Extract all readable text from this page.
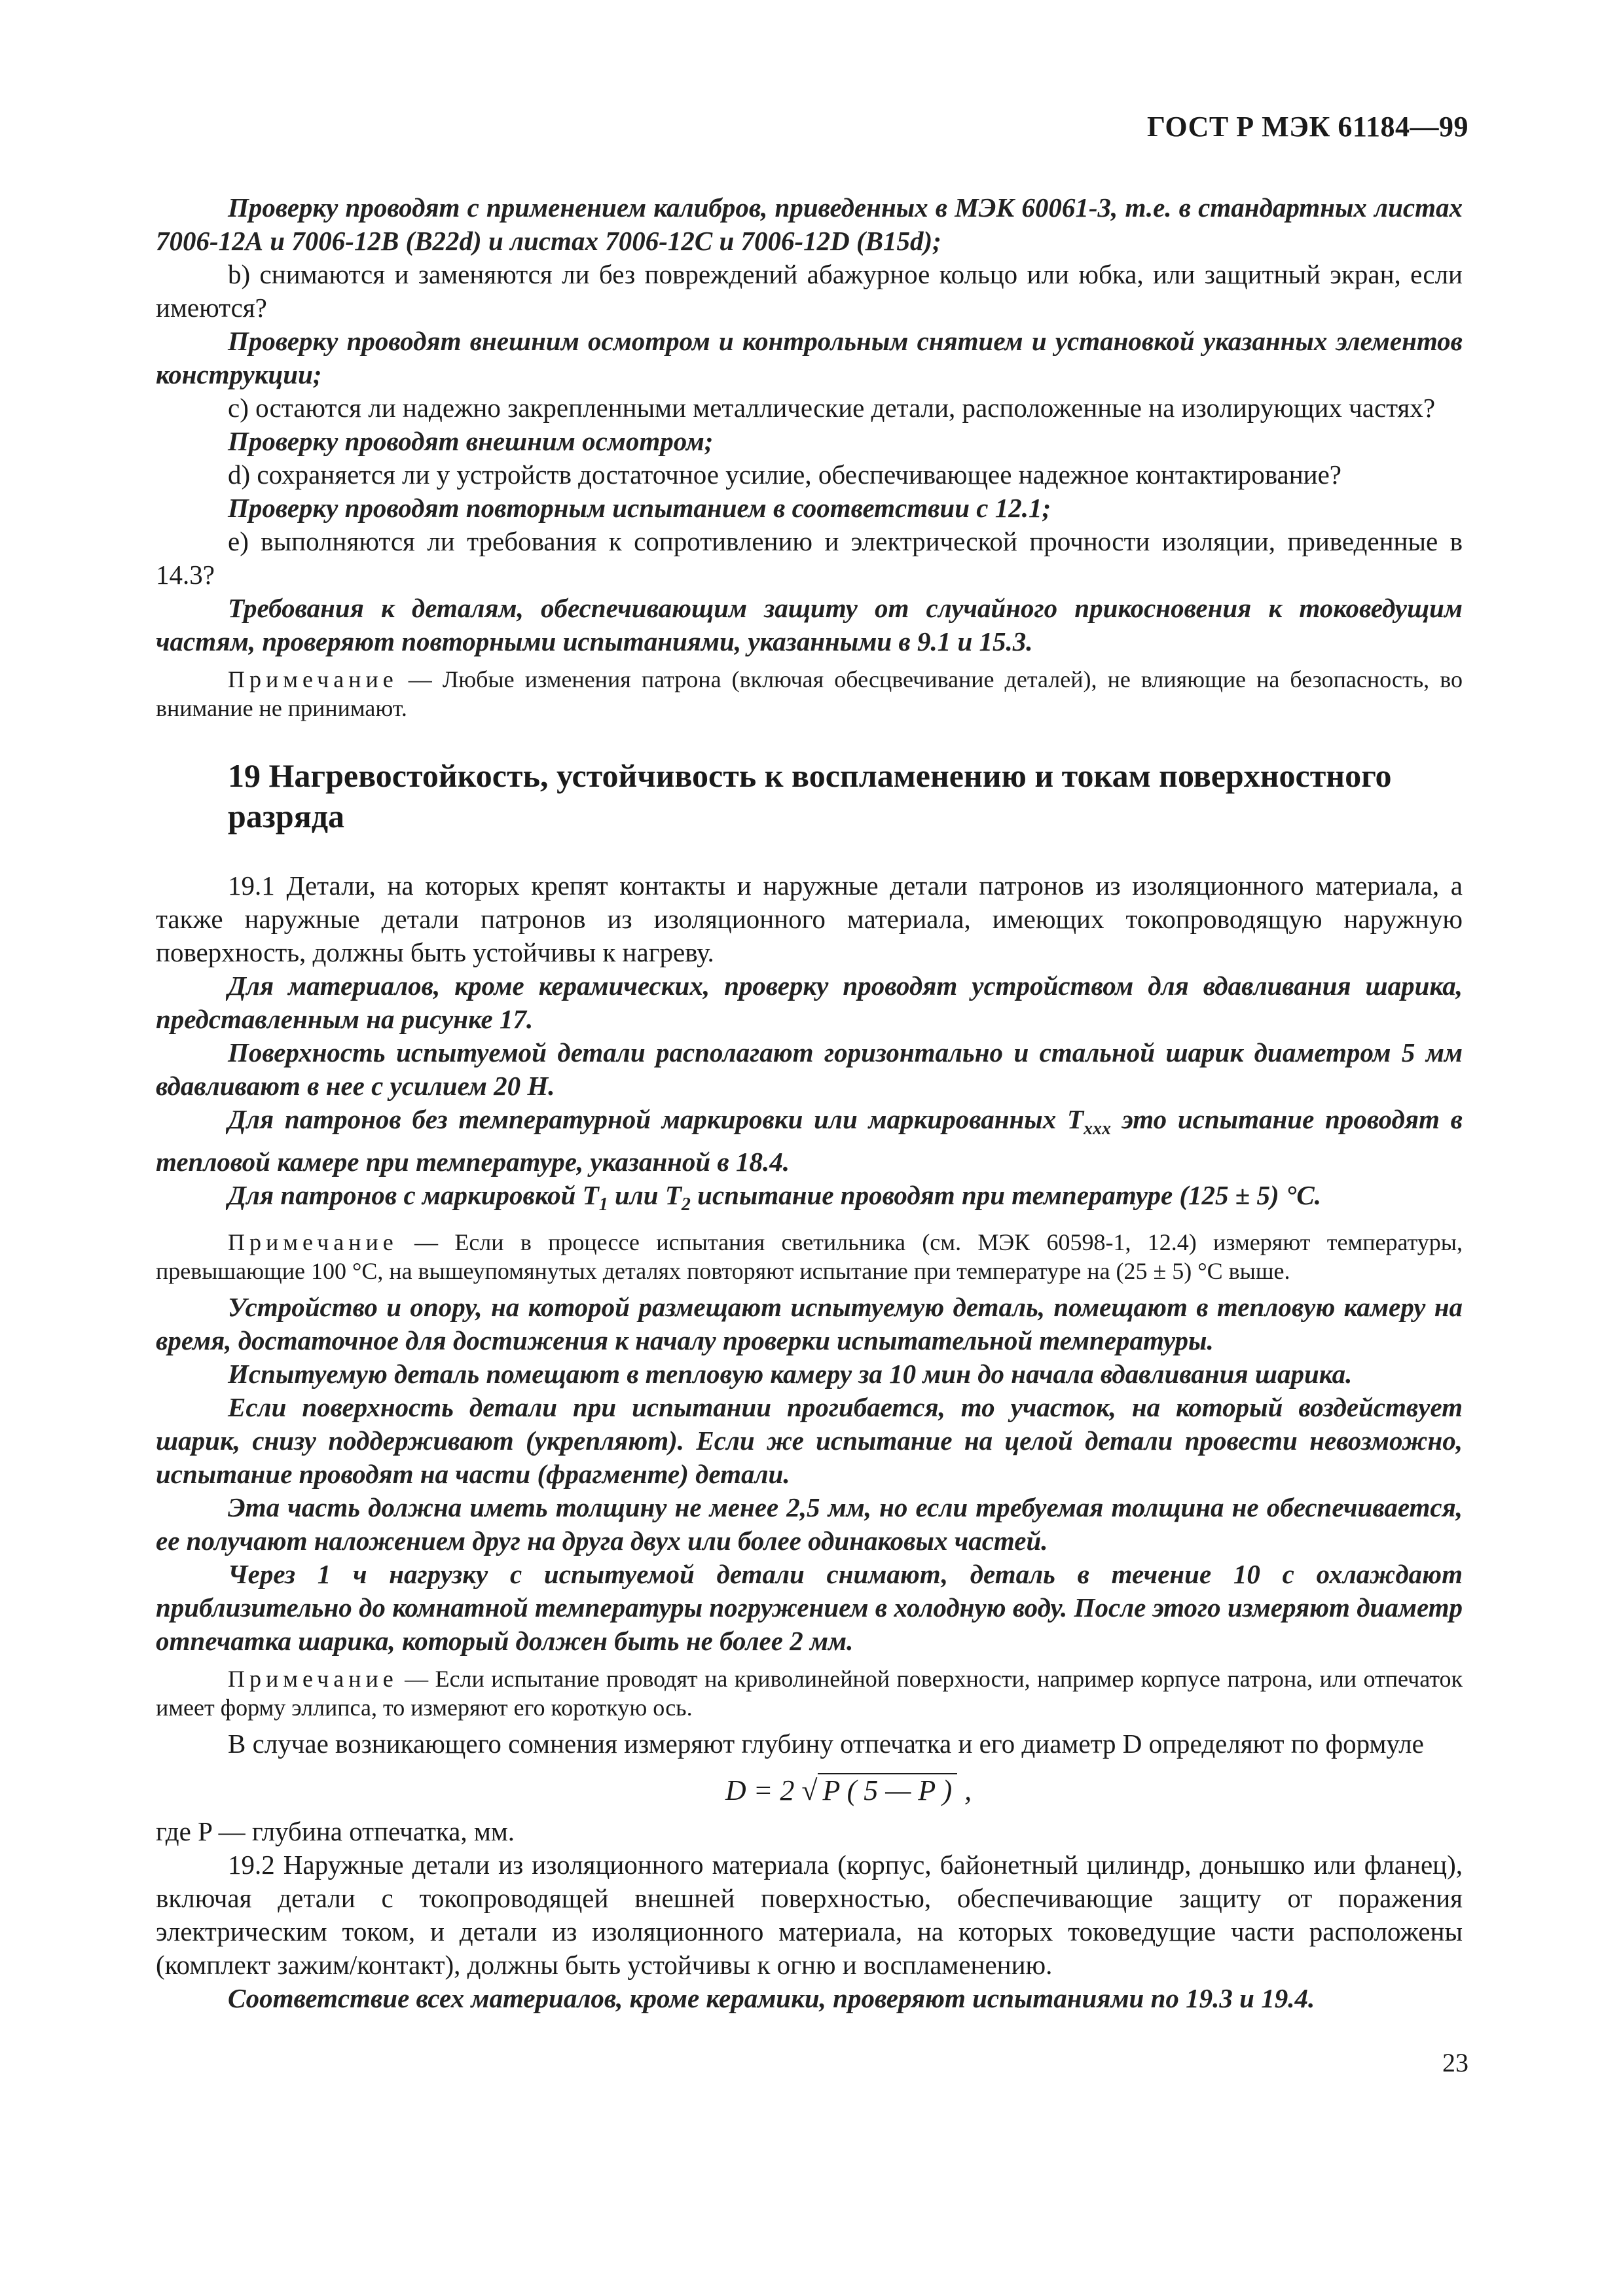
ГОСТ Р МЭК 61184—99

Проверку проводят с применением калибров, приведенных в МЭК 60061-3, т.е. в стандартных листах 7006-12А и 7006-12В (B22d) и листах 7006-12С и 7006-12D (B15d);

b) снимаются и заменяются ли без повреждений абажурное кольцо или юбка, или защитный экран, если имеются?

Проверку проводят внешним осмотром и контрольным снятием и установкой указанных элементов конструкции;

с) остаются ли надежно закрепленными металлические детали, расположенные на изолирующих частях?

Проверку проводят внешним осмотром;

d) сохраняется ли у устройств достаточное усилие, обеспечивающее надежное контактирование?

Проверку проводят повторным испытанием в соответствии с 12.1;

е) выполняются ли требования к сопротивлению и электрической прочности изоляции, приведенные в 14.3?

Требования к деталям, обеспечивающим защиту от случайного прикосновения к токоведущим частям, проверяют повторными испытаниями, указанными в 9.1 и 15.3.

Примечание — Любые изменения патрона (включая обесцвечивание деталей), не влияющие на безопасность, во внимание не принимают.

19 Нагревостойкость, устойчивость к воспламенению и токам поверхностного разряда

19.1 Детали, на которых крепят контакты и наружные детали патронов из изоляционного материала, а также наружные детали патронов из изоляционного материала, имеющих токопроводящую наружную поверхность, должны быть устойчивы к нагреву.

Для материалов, кроме керамических, проверку проводят устройством для вдавливания шарика, представленным на рисунке 17.

Поверхность испытуемой детали располагают горизонтально и стальной шарик диаметром 5 мм вдавливают в нее с усилием 20 Н.

Для патронов без температурной маркировки или маркированных $T_{xxx}$ это испытание проводят в тепловой камере при температуре, указанной в 18.4.

Для патронов с маркировкой $T_1$ или $T_2$ испытание проводят при температуре (125 ± 5) °С.

Примечание — Если в процессе испытания светильника (см. МЭК 60598-1, 12.4) измеряют температуры, превышающие 100 °С, на вышеупомянутых деталях повторяют испытание при температуре на (25 ± 5) °С выше.

Устройство и опору, на которой размещают испытуемую деталь, помещают в тепловую камеру на время, достаточное для достижения к началу проверки испытательной температуры.

Испытуемую деталь помещают в тепловую камеру за 10 мин до начала вдавливания шарика.

Если поверхность детали при испытании прогибается, то участок, на который воздействует шарик, снизу поддерживают (укрепляют). Если же испытание на целой детали провести невозможно, испытание проводят на части (фрагменте) детали.

Эта часть должна иметь толщину не менее 2,5 мм, но если требуемая толщина не обеспечивается, ее получают наложением друг на друга двух или более одинаковых частей.

Через 1 ч нагрузку с испытуемой детали снимают, деталь в течение 10 с охлаждают приблизительно до комнатной температуры погружением в холодную воду. После этого измеряют диаметр отпечатка шарика, который должен быть не более 2 мм.

Примечание — Если испытание проводят на криволинейной поверхности, например корпусе патрона, или отпечаток имеет форму эллипса, то измеряют его короткую ось.

В случае возникающего сомнения измеряют глубину отпечатка и его диаметр D определяют по формуле

D = 2 √ P ( 5 — P ) ,

где P — глубина отпечатка, мм.

19.2 Наружные детали из изоляционного материала (корпус, байонетный цилиндр, донышко или фланец), включая детали с токопроводящей внешней поверхностью, обеспечивающие защиту от поражения электрическим током, и детали из изоляционного материала, на которых токоведущие части расположены (комплект зажим/контакт), должны быть устойчивы к огню и воспламенению.

Соответствие всех материалов, кроме керамики, проверяют испытаниями по 19.3 и 19.4.

23
